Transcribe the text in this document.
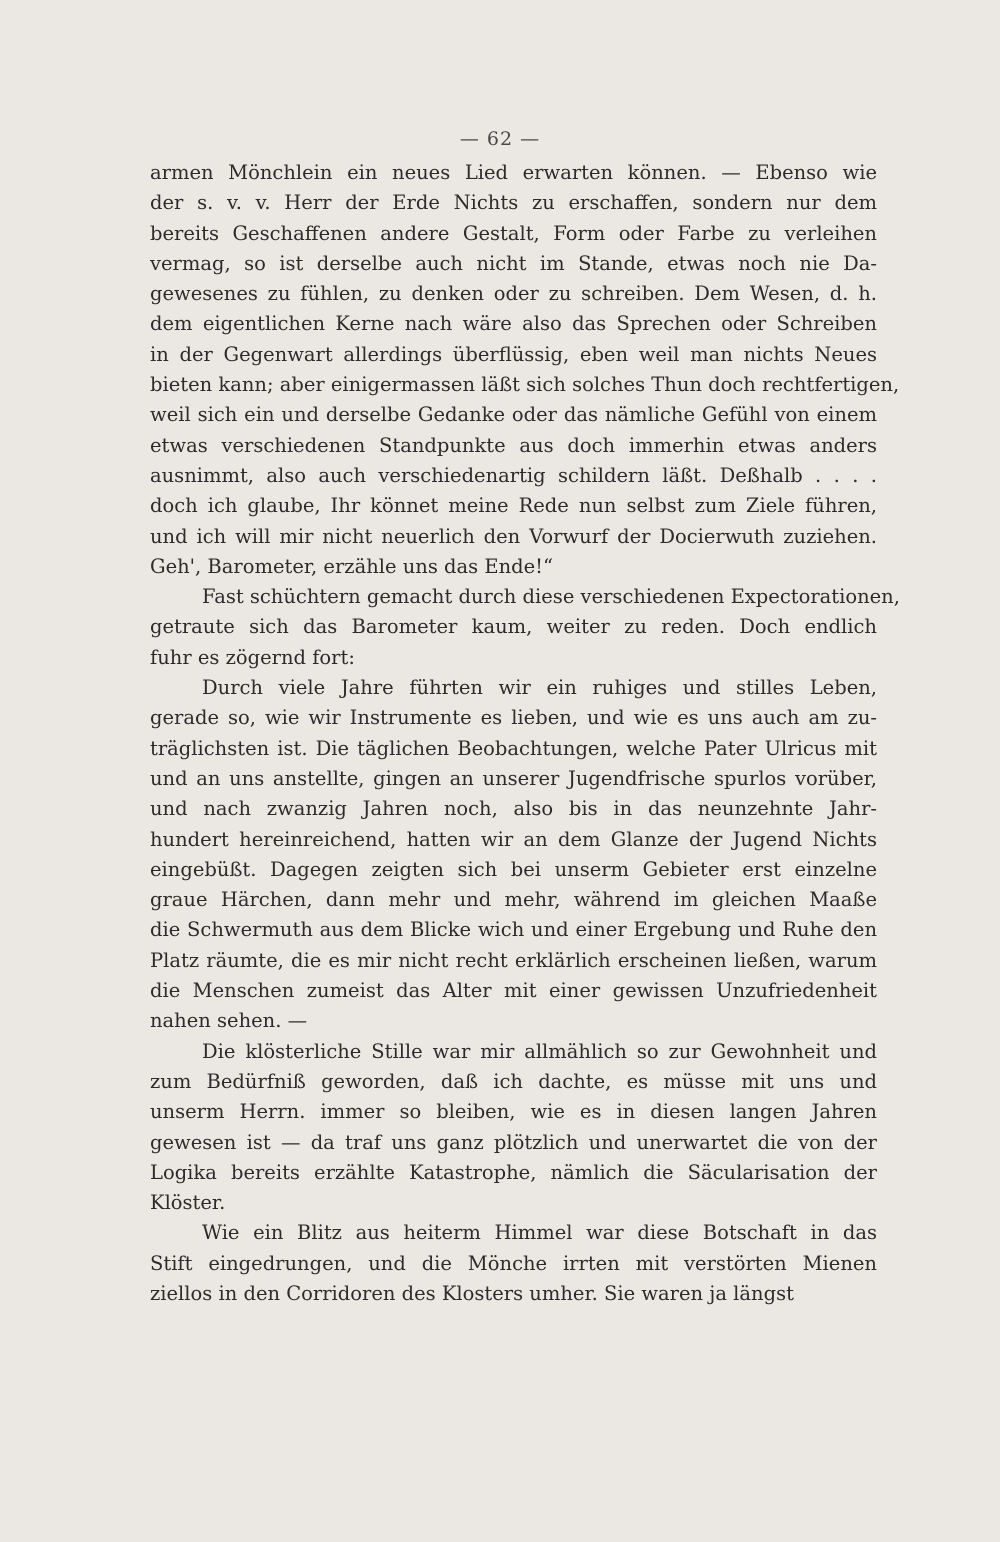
— 62 —
armen Mönchlein ein neues Lied erwarten können. — Ebenso wie
der s. v. v. Herr der Erde Nichts zu erschaffen, sondern nur dem
bereits Geschaffenen andere Gestalt, Form oder Farbe zu verleihen
vermag, so ist derselbe auch nicht im Stande, etwas noch nie Da-
gewesenes zu fühlen, zu denken oder zu schreiben. Dem Wesen, d. h.
dem eigentlichen Kerne nach wäre also das Sprechen oder Schreiben
in der Gegenwart allerdings überflüssig, eben weil man nichts Neues
bieten kann; aber einigermassen läßt sich solches Thun doch rechtfertigen,
weil sich ein und derselbe Gedanke oder das nämliche Gefühl von einem
etwas verschiedenen Standpunkte aus doch immerhin etwas anders
ausnimmt, also auch verschiedenartig schildern läßt. Deßhalb . . . .
doch ich glaube, Ihr könnet meine Rede nun selbst zum Ziele führen,
und ich will mir nicht neuerlich den Vorwurf der Docierwuth zuziehen.
Geh', Barometer, erzähle uns das Ende!“
Fast schüchtern gemacht durch diese verschiedenen Expectorationen,
getraute sich das Barometer kaum, weiter zu reden. Doch endlich
fuhr es zögernd fort:
Durch viele Jahre führten wir ein ruhiges und stilles Leben,
gerade so, wie wir Instrumente es lieben, und wie es uns auch am zu-
träglichsten ist. Die täglichen Beobachtungen, welche Pater Ulricus mit
und an uns anstellte, gingen an unserer Jugendfrische spurlos vorüber,
und nach zwanzig Jahren noch, also bis in das neunzehnte Jahr-
hundert hereinreichend, hatten wir an dem Glanze der Jugend Nichts
eingebüßt. Dagegen zeigten sich bei unserm Gebieter erst einzelne
graue Härchen, dann mehr und mehr, während im gleichen Maaße
die Schwermuth aus dem Blicke wich und einer Ergebung und Ruhe den
Platz räumte, die es mir nicht recht erklärlich erscheinen ließen, warum
die Menschen zumeist das Alter mit einer gewissen Unzufriedenheit
nahen sehen. —
Die klösterliche Stille war mir allmählich so zur Gewohnheit und
zum Bedürfniß geworden, daß ich dachte, es müsse mit uns und
unserm Herrn. immer so bleiben, wie es in diesen langen Jahren
gewesen ist — da traf uns ganz plötzlich und unerwartet die von der
Logika bereits erzählte Katastrophe, nämlich die Säcularisation der
Klöster.
Wie ein Blitz aus heiterm Himmel war diese Botschaft in das
Stift eingedrungen, und die Mönche irrten mit verstörten Mienen
ziellos in den Corridoren des Klosters umher. Sie waren ja längst
